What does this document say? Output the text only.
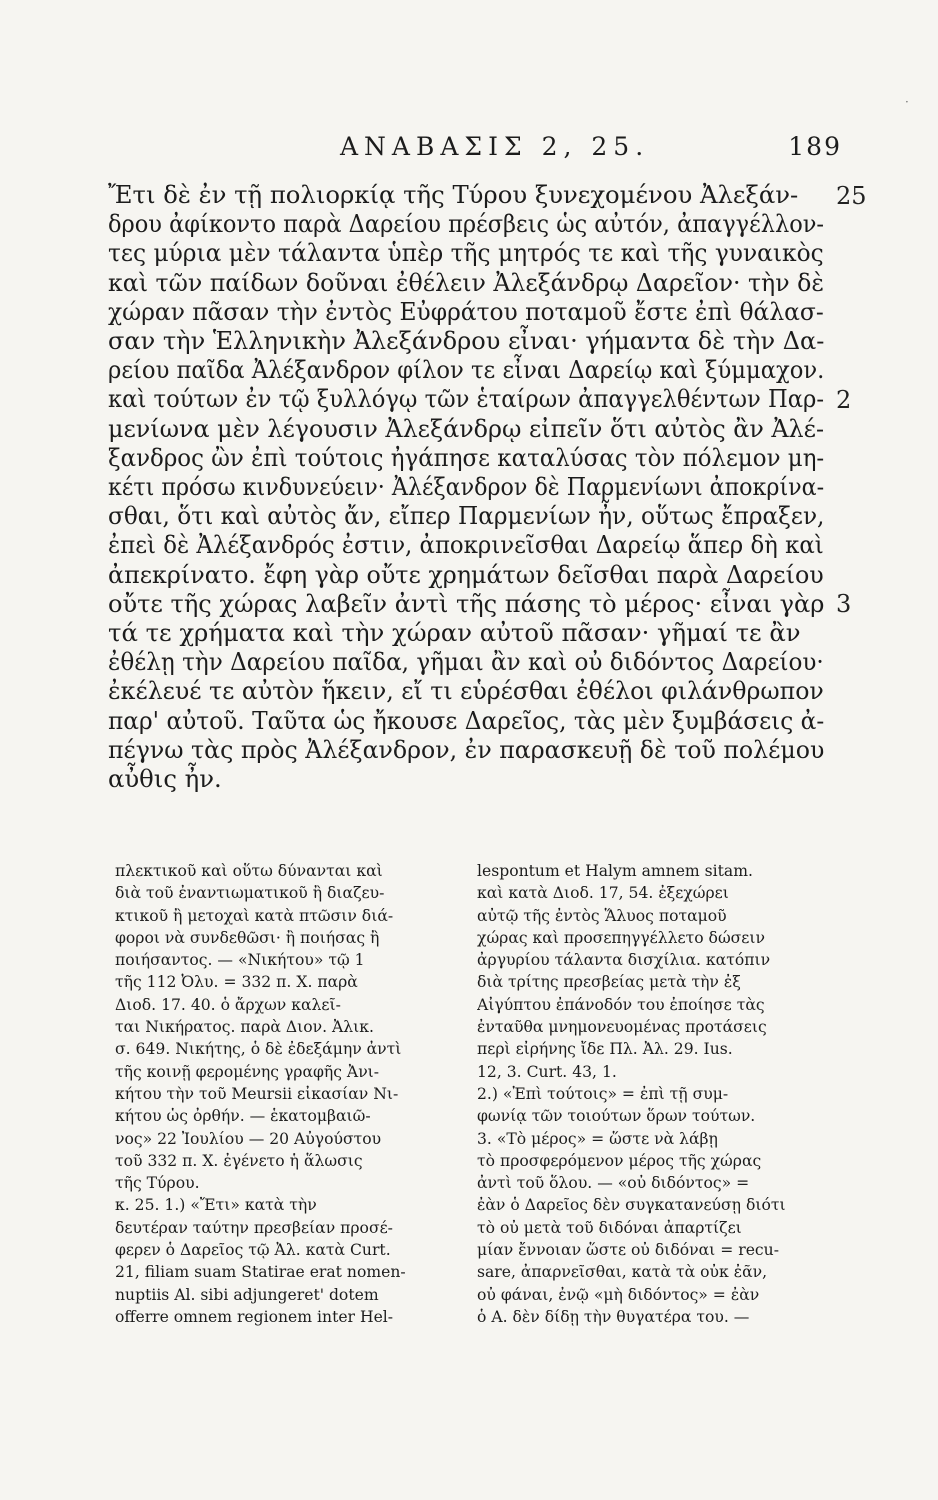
ΑΝΑΒΑΣΙΣ 2, 25.	189
Ἔτι δὲ ἐν τῇ πολιορκίᾳ τῆς Τύρου ξυνεχομένου Ἀλεξάν-
δρου ἀφίκοντο παρὰ Δαρείου πρέσβεις ὡς αὐτόν, ἀπαγγέλλον-
τες μύρια μὲν τάλαντα ὑπὲρ τῆς μητρός τε καὶ τῆς γυναικὸς
καὶ τῶν παίδων δοῦναι ἐθέλειν Ἀλεξάνδρῳ Δαρεῖον· τὴν δὲ
χώραν πᾶσαν τὴν ἐντὸς Εὐφράτου ποταμοῦ ἔστε ἐπὶ θάλασ-
σαν τὴν Ἑλληνικὴν Ἀλεξάνδρου εἶναι· γήμαντα δὲ τὴν Δα-
ρείου παῖδα Ἀλέξανδρον φίλον τε εἶναι Δαρείῳ καὶ ξύμμαχον.
καὶ τούτων ἐν τῷ ξυλλόγῳ τῶν ἑταίρων ἀπαγγελθέντων Παρ-
μενίωνα μὲν λέγουσιν Ἀλεξάνδρῳ εἰπεῖν ὅτι αὐτὸς ἂν Ἀλέ-
ξανδρος ὢν ἐπὶ τούτοις ἠγάπησε καταλύσας τὸν πόλεμον μη-
κέτι πρόσω κινδυνεύειν· Ἀλέξανδρον δὲ Παρμενίωνι ἀποκρίνα-
σθαι, ὅτι καὶ αὐτὸς ἄν, εἴπερ Παρμενίων ἦν, οὕτως ἔπραξεν,
ἐπεὶ δὲ Ἀλέξανδρός ἐστιν, ἀποκρινεῖσθαι Δαρείῳ ἅπερ δὴ καὶ
ἀπεκρίνατο. ἔφη γὰρ οὔτε χρημάτων δεῖσθαι παρὰ Δαρείου
οὔτε τῆς χώρας λαβεῖν ἀντὶ τῆς πάσης τὸ μέρος· εἶναι γὰρ
τά τε χρήματα καὶ τὴν χώραν αὐτοῦ πᾶσαν· γῆμαί τε ἂν
ἐθέλῃ τὴν Δαρείου παῖδα, γῆμαι ἂν καὶ οὐ διδόντος Δαρείου·
ἐκέλευέ τε αὐτὸν ἥκειν, εἴ τι εὑρέσθαι ἐθέλοι φιλάνθρωπον
παρ' αὐτοῦ. Ταῦτα ὡς ἤκουσε Δαρεῖος, τὰς μὲν ξυμβάσεις ἀ-
πέγνω τὰς πρὸς Ἀλέξανδρον, ἐν παρασκευῇ δὲ τοῦ πολέμου
αὖθις ἦν.
25
2
3
πλεκτικοῦ καὶ οὕτω δύνανται καὶ
διὰ τοῦ ἐναντιωματικοῦ ἢ διαζευ-
κτικοῦ ἢ μετοχαὶ κατὰ πτῶσιν διά-
φοροι νὰ συνδεθῶσι· ἢ ποιήσας ἢ
ποιήσαντος. — «Νικήτου» τῷ 1
τῆς 112 Ὀλυ. = 332 π. Χ. παρὰ
Διοδ. 17. 40. ὁ ἄρχων καλεῖ-
ται Νικήρατος. παρὰ Διον. Ἀλικ.
σ. 649. Νικήτης, ὁ δὲ ἐδεξάμην ἀντὶ
τῆς κοινῇ φερομένης γραφῆς Ἀνι-
κήτου τὴν τοῦ Meursii εἰκασίαν Νι-
κήτου ὡς ὀρθήν. — ἑκατομβαιῶ-
νος» 22 Ἰουλίου — 20 Αὐγούστου
τοῦ 332 π. Χ. ἐγένετο ἡ ἅλωσις
τῆς Τύρου.
κ. 25. 1.) «Ἔτι» κατὰ τὴν
δευτέραν ταύτην πρεσβείαν προσέ-
φερεν ὁ Δαρεῖος τῷ Ἀλ. κατὰ Curt.
21, filiam suam Statirae erat nomen-
nuptiis Al. sibi adjungeret' dotem
offerre omnem regionem inter Hel-
lespontum et Halym amnem sitam.
καὶ κατὰ Διοδ. 17, 54. ἐξεχώρει
αὐτῷ τῆς ἐντὸς Ἅλυος ποταμοῦ
χώρας καὶ προσεπηγγέλλετο δώσειν
ἀργυρίου τάλαντα δισχίλια. κατόπιν
διὰ τρίτης πρεσβείας μετὰ τὴν ἐξ
Αἰγύπτου ἐπάνοδόν του ἐποίησε τὰς
ἐνταῦθα μνημονευομένας προτάσεις
περὶ εἰρήνης ἴδε Πλ. Ἀλ. 29. Ius.
12, 3. Curt. 43, 1.
2.) «Ἐπὶ τούτοις» = ἐπὶ τῇ συμ-
φωνίᾳ τῶν τοιούτων ὅρων τούτων.
3. «Τὸ μέρος» = ὥστε νὰ λάβῃ
τὸ προσφερόμενον μέρος τῆς χώρας
ἀντὶ τοῦ ὅλου. — «οὐ διδόντος» =
ἐὰν ὁ Δαρεῖος δὲν συγκατανεύσῃ διότι
τὸ οὐ μετὰ τοῦ διδόναι ἀπαρτίζει
μίαν ἔννοιαν ὥστε οὐ διδόναι = recu-
sare, ἀπαρνεῖσθαι, κατὰ τὰ οὐκ ἐᾶν,
οὐ φάναι, ἐνῷ «μὴ διδόντος» = ἐὰν
ὁ Α. δὲν δίδῃ τὴν θυγατέρα του. —
·
